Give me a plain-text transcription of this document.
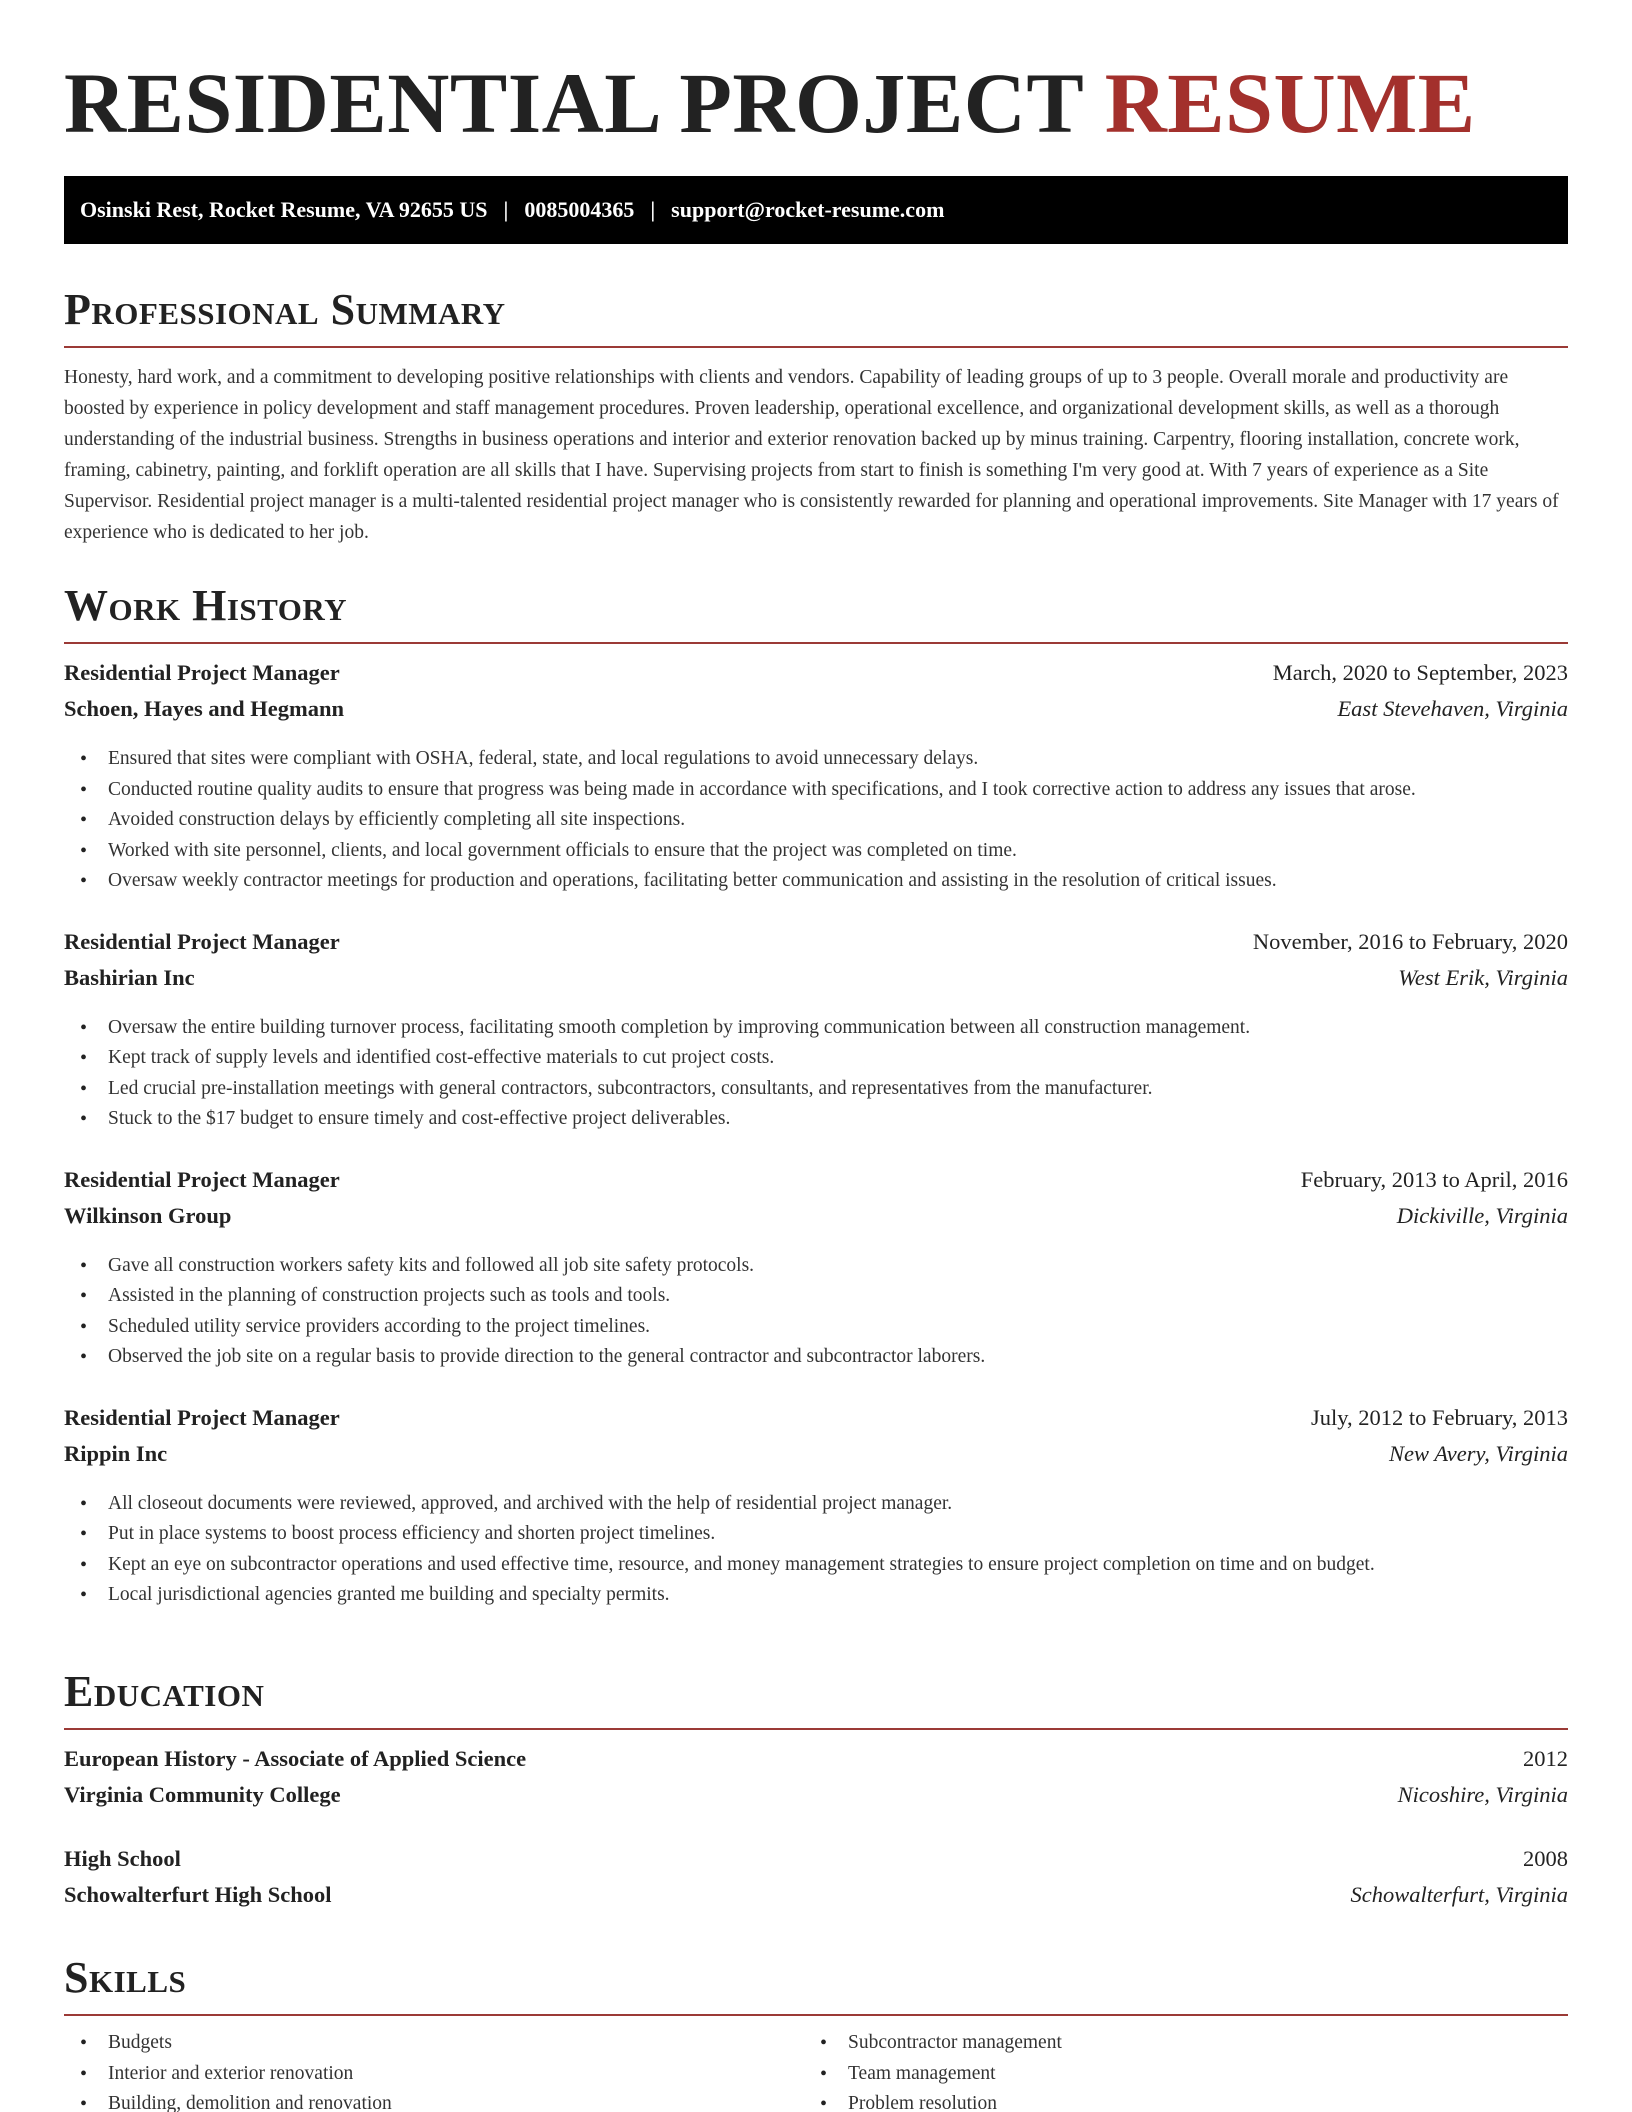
RESIDENTIAL PROJECT RESUME
Osinski Rest, Rocket Resume, VA 92655 US | 0085004365 | support@rocket-resume.com
Professional Summary

Honesty, hard work, and a commitment to developing positive relationships with clients and vendors. Capability of leading groups of up to 3 people. Overall morale and productivity are boosted by experience in policy development and staff management procedures. Proven leadership, operational excellence, and organizational development skills, as well as a thorough understanding of the industrial business. Strengths in business operations and interior and exterior renovation backed up by minus training. Carpentry, flooring installation, concrete work, framing, cabinetry, painting, and forklift operation are all skills that I have. Supervising projects from start to finish is something I'm very good at. With 7 years of experience as a Site Supervisor. Residential project manager is a multi-talented residential project manager who is consistently rewarded for planning and operational improvements. Site Manager with 17 years of experience who is dedicated to her job.

Work History
Residential Project Manager	March, 2020 to September, 2023
Schoen, Hayes and Hegmann	East Stevehaven, Virginia
• Ensured that sites were compliant with OSHA, federal, state, and local regulations to avoid unnecessary delays.
• Conducted routine quality audits to ensure that progress was being made in accordance with specifications, and I took corrective action to address any issues that arose.
• Avoided construction delays by efficiently completing all site inspections.
• Worked with site personnel, clients, and local government officials to ensure that the project was completed on time.
• Oversaw weekly contractor meetings for production and operations, facilitating better communication and assisting in the resolution of critical issues.
Residential Project Manager	November, 2016 to February, 2020
Bashirian Inc	West Erik, Virginia
• Oversaw the entire building turnover process, facilitating smooth completion by improving communication between all construction management.
• Kept track of supply levels and identified cost-effective materials to cut project costs.
• Led crucial pre-installation meetings with general contractors, subcontractors, consultants, and representatives from the manufacturer.
• Stuck to the $17 budget to ensure timely and cost-effective project deliverables.
Residential Project Manager	February, 2013 to April, 2016
Wilkinson Group	Dickiville, Virginia
• Gave all construction workers safety kits and followed all job site safety protocols.
• Assisted in the planning of construction projects such as tools and tools.
• Scheduled utility service providers according to the project timelines.
• Observed the job site on a regular basis to provide direction to the general contractor and subcontractor laborers.
Residential Project Manager	July, 2012 to February, 2013
Rippin Inc	New Avery, Virginia
• All closeout documents were reviewed, approved, and archived with the help of residential project manager.
• Put in place systems to boost process efficiency and shorten project timelines.
• Kept an eye on subcontractor operations and used effective time, resource, and money management strategies to ensure project completion on time and on budget.
• Local jurisdictional agencies granted me building and specialty permits.
Education
European History - Associate of Applied Science	2012
Virginia Community College	Nicoshire, Virginia
High School	2008
Schowalterfurt High School	Schowalterfurt, Virginia
Skills
• Budgets
• Interior and exterior renovation
• Building, demolition and renovation
• Subcontractor management
• Team management
• Problem resolution
